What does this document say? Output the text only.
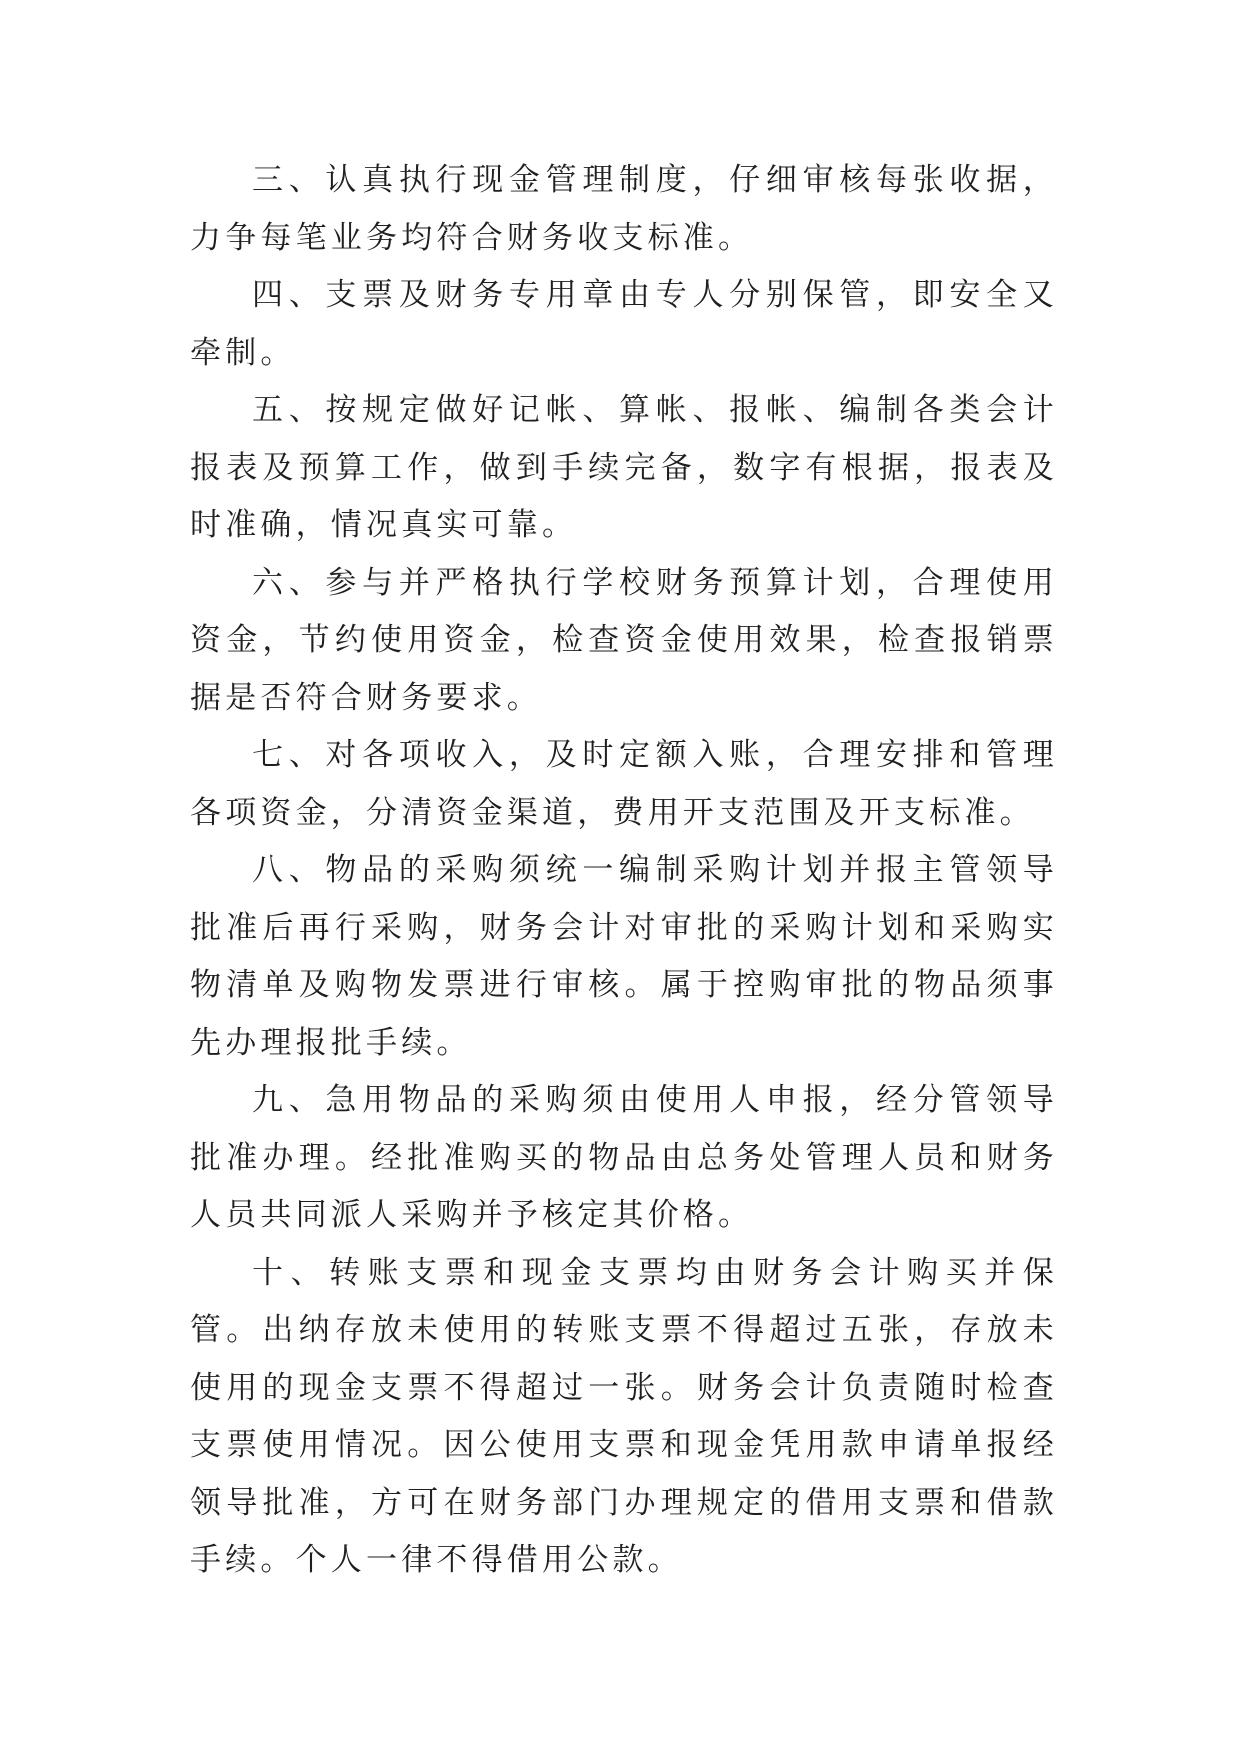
三、认真执行现金管理制度，仔细审核每张收据，力争每笔业务均符合财务收支标准。

四、支票及财务专用章由专人分别保管，即安全又牵制。

五、按规定做好记帐、算帐、报帐、编制各类会计报表及预算工作，做到手续完备，数字有根据，报表及时准确，情况真实可靠。

六、参与并严格执行学校财务预算计划，合理使用资金，节约使用资金，检查资金使用效果，检查报销票据是否符合财务要求。

七、对各项收入，及时定额入账，合理安排和管理各项资金，分清资金渠道，费用开支范围及开支标准。

八、物品的采购须统一编制采购计划并报主管领导批准后再行采购，财务会计对审批的采购计划和采购实物清单及购物发票进行审核。属于控购审批的物品须事先办理报批手续。

九、急用物品的采购须由使用人申报，经分管领导批准办理。经批准购买的物品由总务处管理人员和财务人员共同派人采购并予核定其价格。

十、转账支票和现金支票均由财务会计购买并保管。出纳存放未使用的转账支票不得超过五张，存放未使用的现金支票不得超过一张。财务会计负责随时检查支票使用情况。因公使用支票和现金凭用款申请单报经领导批准，方可在财务部门办理规定的借用支票和借款手续。个人一律不得借用公款。
